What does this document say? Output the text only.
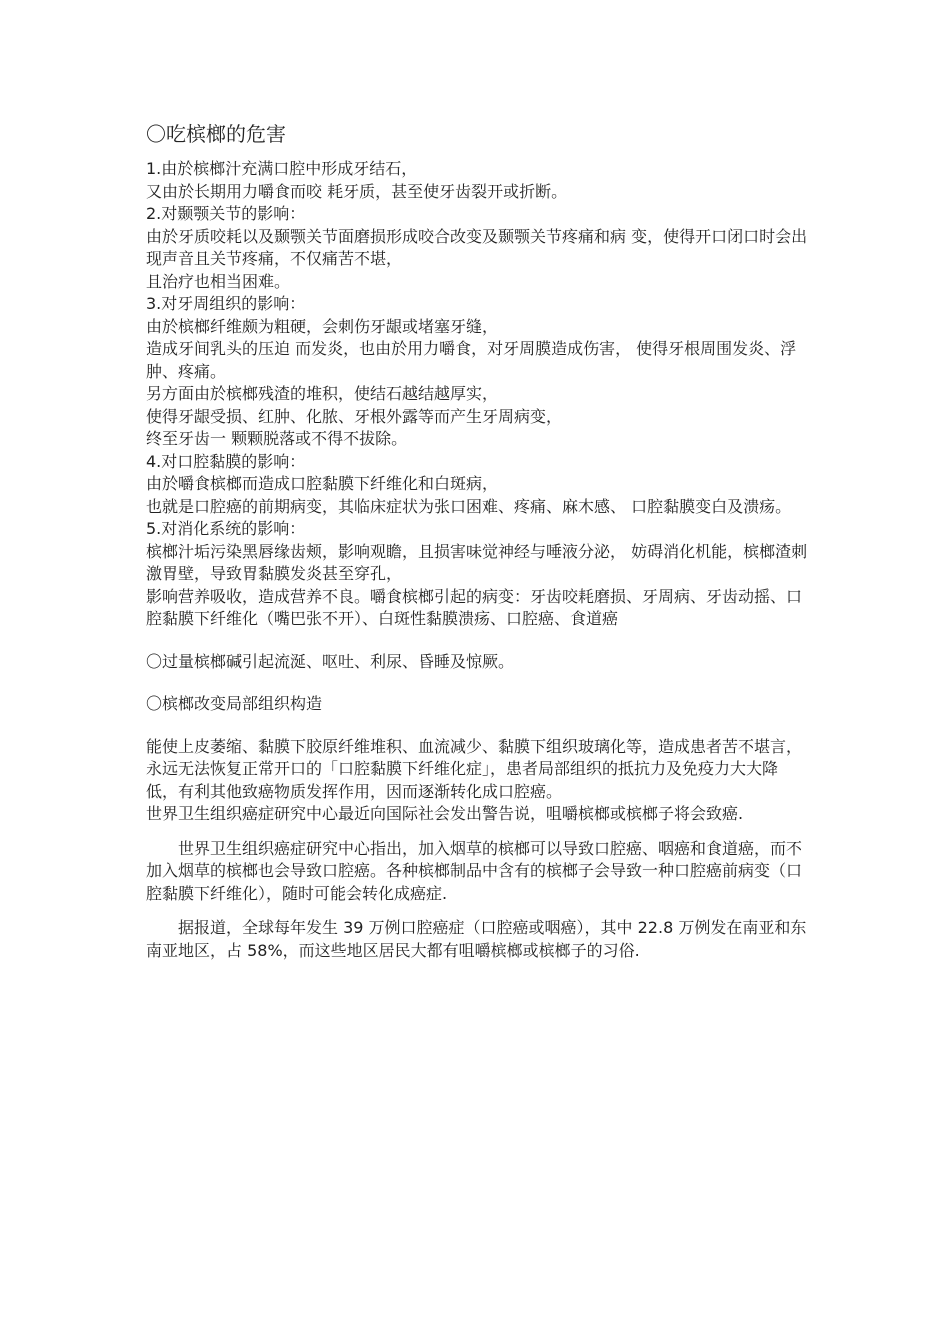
〇吃槟榔的危害

1.由於槟榔汁充满口腔中形成牙结石，

又由於长期用力嚼食而咬 耗牙质，甚至使牙齿裂开或折断。

2.对颞颚关节的影响：

由於牙质咬耗以及颞颚关节面磨损形成咬合改变及颞颚关节疼痛和病 变，使得开口闭口时会出现声音且关节疼痛，不仅痛苦不堪，

且治疗也相当困难。

3.对牙周组织的影响：

由於槟榔纤维颇为粗硬，会刺伤牙龈或堵塞牙缝，

造成牙间乳头的压迫 而发炎，也由於用力嚼食，对牙周膜造成伤害， 使得牙根周围发炎、浮 肿、疼痛。

另方面由於槟榔残渣的堆积，使结石越结越厚实，

使得牙龈受损、红肿、化脓、牙根外露等而产生牙周病变，

终至牙齿一 颗颗脱落或不得不拔除。

4.对口腔黏膜的影响：

由於嚼食槟榔而造成口腔黏膜下纤维化和白斑病，

也就是口腔癌的前期病变，其临床症状为张口困难、疼痛、麻木感、 口腔黏膜变白及溃疡。

5.对消化系统的影响：

槟榔汁垢污染黑唇缘齿颊，影响观瞻，且损害味觉神经与唾液分泌， 妨碍消化机能，槟榔渣刺激胃壁，导致胃黏膜发炎甚至穿孔，

影响营养吸收，造成营养不良。嚼食槟榔引起的病变：牙齿咬耗磨损、牙周病、牙齿动摇、口腔黏膜下纤维化（嘴巴张不开）、白斑性黏膜溃疡、口腔癌、食道癌

〇过量槟榔碱引起流涎、呕吐、利尿、昏睡及惊厥。

〇槟榔改变局部组织构造

能使上皮萎缩、黏膜下胶原纤维堆积、血流减少、黏膜下组织玻璃化等，造成患者苦不堪言，永远无法恢复正常开口的「口腔黏膜下纤维化症」，患者局部组织的抵抗力及免疫力大大降低，有利其他致癌物质发挥作用，因而逐渐转化成口腔癌。

世界卫生组织癌症研究中心最近向国际社会发出警告说，咀嚼槟榔或槟榔子将会致癌.

世界卫生组织癌症研究中心指出，加入烟草的槟榔可以导致口腔癌、咽癌和食道癌，而不加入烟草的槟榔也会导致口腔癌。各种槟榔制品中含有的槟榔子会导致一种口腔癌前病变（口腔黏膜下纤维化），随时可能会转化成癌症.

据报道，全球每年发生 39 万例口腔癌症（口腔癌或咽癌），其中 22.8 万例发在南亚和东南亚地区，占 58%，而这些地区居民大都有咀嚼槟榔或槟榔子的习俗.
